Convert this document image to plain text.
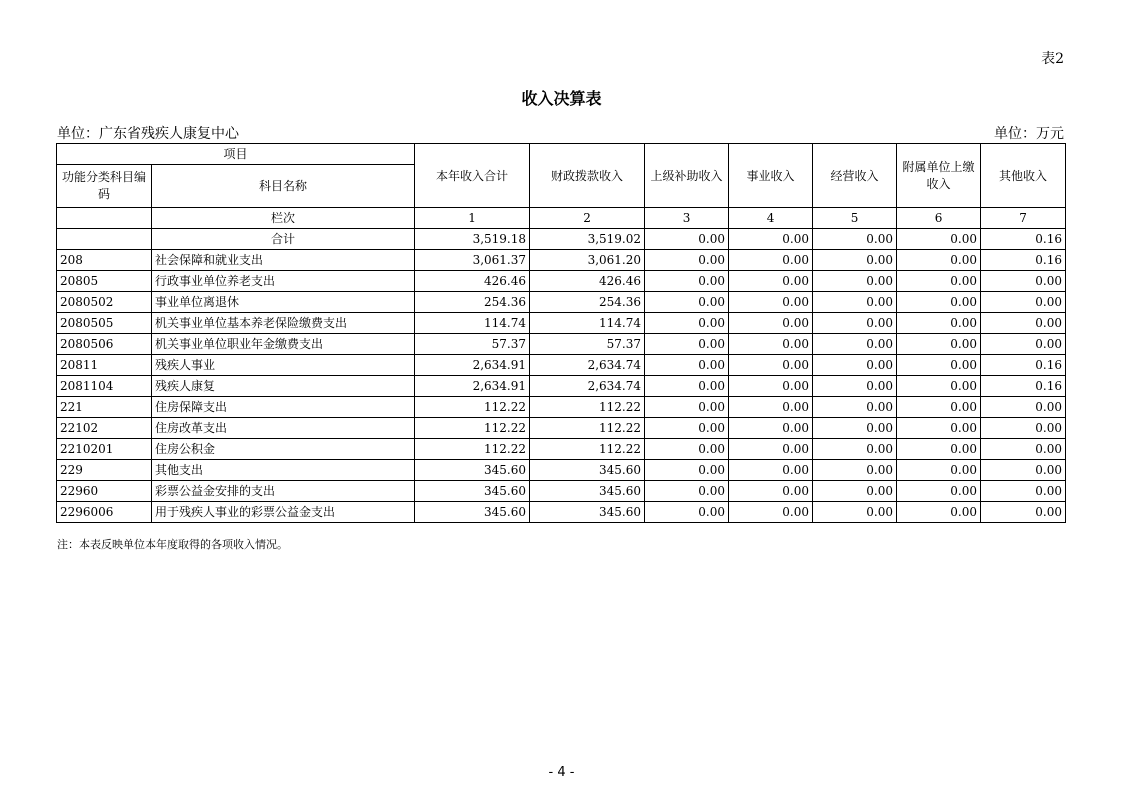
表2
收入决算表
单位：广东省残疾人康复中心	单位：万元
项目		本年收入合计	财政拨款收入	上级补助收入	事业收入	经营收入	附属单位上缴收入	其他收入
功能分类科目编码	科目名称							
	栏次	1	2	3	4	5	6	7
	合计	3,519.18	3,519.02	0.00	0.00	0.00	0.00	0.16
208	社会保障和就业支出	3,061.37	3,061.20	0.00	0.00	0.00	0.00	0.16
20805	行政事业单位养老支出	426.46	426.46	0.00	0.00	0.00	0.00	0.00
2080502	事业单位离退休	254.36	254.36	0.00	0.00	0.00	0.00	0.00
2080505	机关事业单位基本养老保险缴费支出	114.74	114.74	0.00	0.00	0.00	0.00	0.00
2080506	机关事业单位职业年金缴费支出	57.37	57.37	0.00	0.00	0.00	0.00	0.00
20811	残疾人事业	2,634.91	2,634.74	0.00	0.00	0.00	0.00	0.16
2081104	残疾人康复	2,634.91	2,634.74	0.00	0.00	0.00	0.00	0.16
221	住房保障支出	112.22	112.22	0.00	0.00	0.00	0.00	0.00
22102	住房改革支出	112.22	112.22	0.00	0.00	0.00	0.00	0.00
2210201	住房公积金	112.22	112.22	0.00	0.00	0.00	0.00	0.00
229	其他支出	345.60	345.60	0.00	0.00	0.00	0.00	0.00
22960	彩票公益金安排的支出	345.60	345.60	0.00	0.00	0.00	0.00	0.00
2296006	用于残疾人事业的彩票公益金支出	345.60	345.60	0.00	0.00	0.00	0.00	0.00
注：本表反映单位本年度取得的各项收入情况。
- 4 -
